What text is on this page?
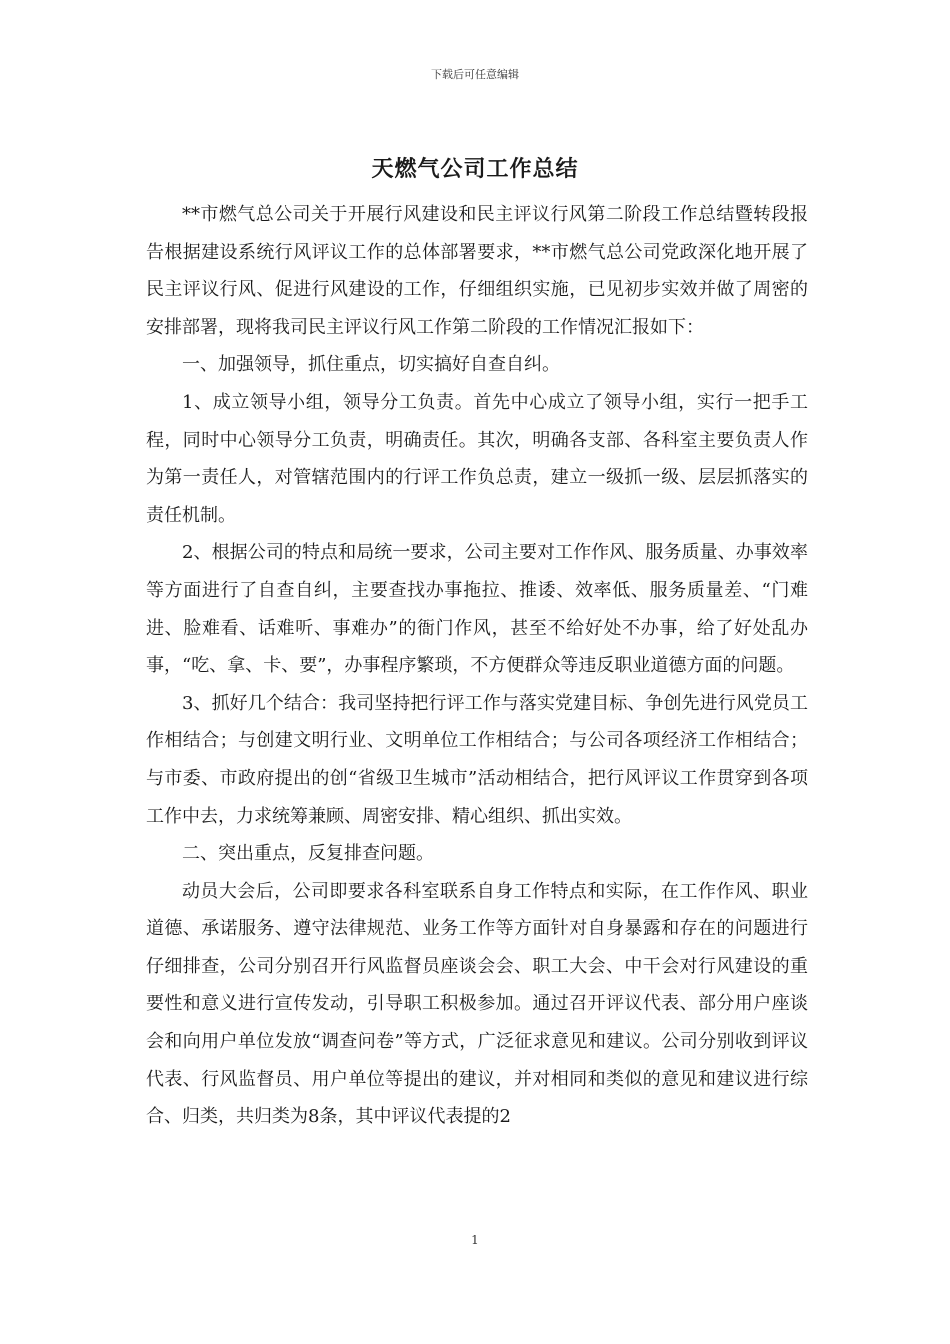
下载后可任意编辑
天燃气公司工作总结

**市燃气总公司关于开展行风建设和民主评议行风第二阶段工作总结暨转段报告根据建设系统行风评议工作的总体部署要求，**市燃气总公司党政深化地开展了民主评议行风、促进行风建设的工作，仔细组织实施，已见初步实效并做了周密的安排部署，现将我司民主评议行风工作第二阶段的工作情况汇报如下：

一、加强领导，抓住重点，切实搞好自查自纠。

1、成立领导小组，领导分工负责。首先中心成立了领导小组，实行一把手工程，同时中心领导分工负责，明确责任。其次，明确各支部、各科室主要负责人作为第一责任人，对管辖范围内的行评工作负总责，建立一级抓一级、层层抓落实的责任机制。

2、根据公司的特点和局统一要求，公司主要对工作作风、服务质量、办事效率等方面进行了自查自纠，主要查找办事拖拉、推诿、效率低、服务质量差、“门难进、脸难看、话难听、事难办”的衙门作风，甚至不给好处不办事，给了好处乱办事，“吃、拿、卡、要”，办事程序繁琐，不方便群众等违反职业道德方面的问题。

3、抓好几个结合：我司坚持把行评工作与落实党建目标、争创先进行风党员工作相结合；与创建文明行业、文明单位工作相结合；与公司各项经济工作相结合；与市委、市政府提出的创“省级卫生城市”活动相结合，把行风评议工作贯穿到各项工作中去，力求统筹兼顾、周密安排、精心组织、抓出实效。

二、突出重点，反复排查问题。

动员大会后，公司即要求各科室联系自身工作特点和实际，在工作作风、职业道德、承诺服务、遵守法律规范、业务工作等方面针对自身暴露和存在的问题进行仔细排查，公司分别召开行风监督员座谈会会、职工大会、中干会对行风建设的重要性和意义进行宣传发动，引导职工积极参加。通过召开评议代表、部分用户座谈会和向用户单位发放“调查问卷”等方式，广泛征求意见和建议。公司分别收到评议代表、行风监督员、用户单位等提出的建议，并对相同和类似的意见和建议进行综合、归类，共归类为8条，其中评议代表提的2

1
